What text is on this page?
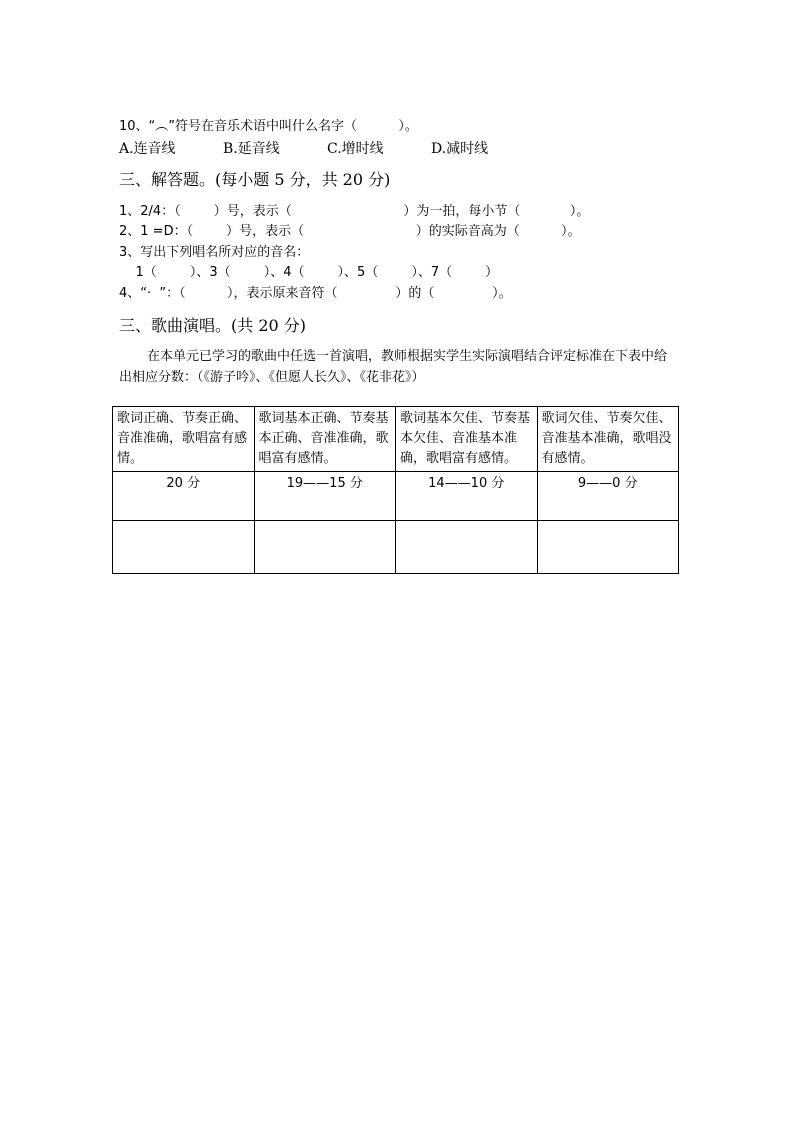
10、“︵”符号在音乐术语中叫什么名字（          ）。

A.连音线

	B.延音线

	C.增时线

	D.减时线

三、解答题。(每小题 5 分，共 20 分)
1、2/4：（        ）号，表示（                           ）为一拍，每小节（            ）。
2、1 =D：（        ）号，表示（                           ）的实际音高为（          ）。
3、写出下列唱名所对应的音名：
1（        ）、3（        ）、4（        ）、5（        ）、7（        ）
4、“·  ”：（          ），表示原来音符（              ）的（              ）。
三、歌曲演唱。(共 20 分)
在本单元已学习的歌曲中任选一首演唱，教师根据实学生实际演唱结合评定标准在下表中给出相应分数：（《游子吟》、《但愿人长久》、《花非花》）
歌词正确、节奏正确、音准准确，歌唱富有感情。	歌词基本正确、节奏基本正确、音准准确，歌唱富有感情。	歌词基本欠佳、节奏基本欠佳、音准基本准确，歌唱富有感情。	歌词欠佳、节奏欠佳、音准基本准确，歌唱没有感情。
20 分	19——15 分	14——10 分	9——0 分
